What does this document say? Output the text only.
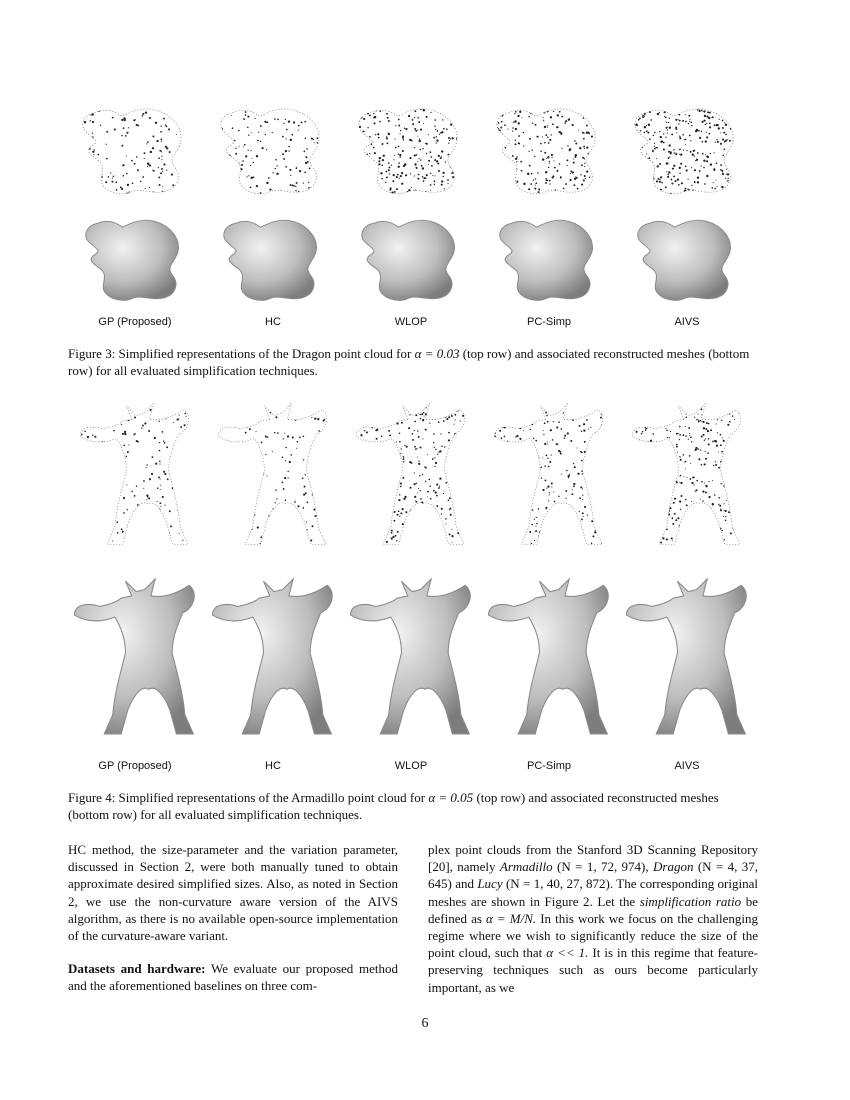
GP (Proposed)	HC	WLOP	PC-Simp	AIVS
Figure 3: Simplified representations of the Dragon point cloud for α = 0.03 (top row) and associated reconstructed meshes (bottom row) for all evaluated simplification techniques.
GP (Proposed)	HC	WLOP	PC-Simp	AIVS
Figure 4: Simplified representations of the Armadillo point cloud for α = 0.05 (top row) and associated reconstructed meshes (bottom row) for all evaluated simplification techniques.

HC method, the size-parameter and the variation parameter, discussed in Section 2, were both manually tuned to obtain approximate desired simplified sizes. Also, as noted in Section 2, we use the non-curvature aware version of the AIVS algorithm, as there is no available open-source implementation of the curvature-aware variant.

Datasets and hardware: We evaluate our proposed method and the aforementioned baselines on three com-

plex point clouds from the Stanford 3D Scanning Repository [20], namely Armadillo (N = 1, 72, 974), Dragon (N = 4, 37, 645) and Lucy (N = 1, 40, 27, 872). The corresponding original meshes are shown in Figure 2. Let the simplification ratio be defined as α = M/N. In this work we focus on the challenging regime where we wish to significantly reduce the size of the point cloud, such that α << 1. It is in this regime that feature-preserving techniques such as ours become particularly important, as we

6
